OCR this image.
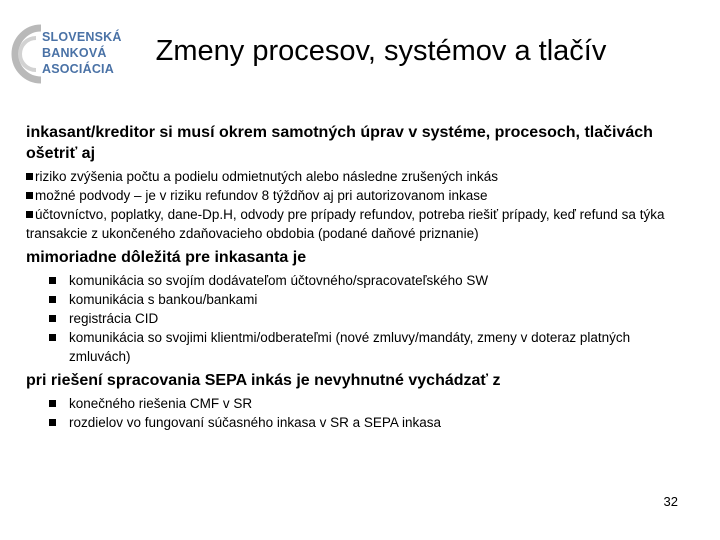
SLOVENSKÁ
BANKOVÁ
ASOCIÁCIA
Zmeny procesov, systémov a tlačív

inkasant/kreditor si musí okrem samotných úprav v systéme, procesoch, tlačivách ošetriť aj

riziko zvýšenia počtu a podielu odmietnutých alebo následne zrušených inkás
možné podvody – je v riziku refundov 8 týždňov aj pri autorizovanom inkase
účtovníctvo, poplatky, dane-Dp.H, odvody pre prípady refundov, potreba riešiť prípady, keď refund sa týka transakcie z ukončeného zdaňovacieho obdobia (podané daňové priznanie)

mimoriadne dôležitá pre inkasanta je

komunikácia so svojím dodávateľom účtovného/spracovateľského SW
komunikácia s bankou/bankami
registrácia CID
komunikácia so svojimi klientmi/odberateľmi (nové zmluvy/mandáty, zmeny v doteraz platných zmluvách)

pri riešení spracovania SEPA inkás je nevyhnutné vychádzať z

konečného riešenia CMF v SR
rozdielov vo fungovaní súčasného inkasa v SR a SEPA inkasa
32
